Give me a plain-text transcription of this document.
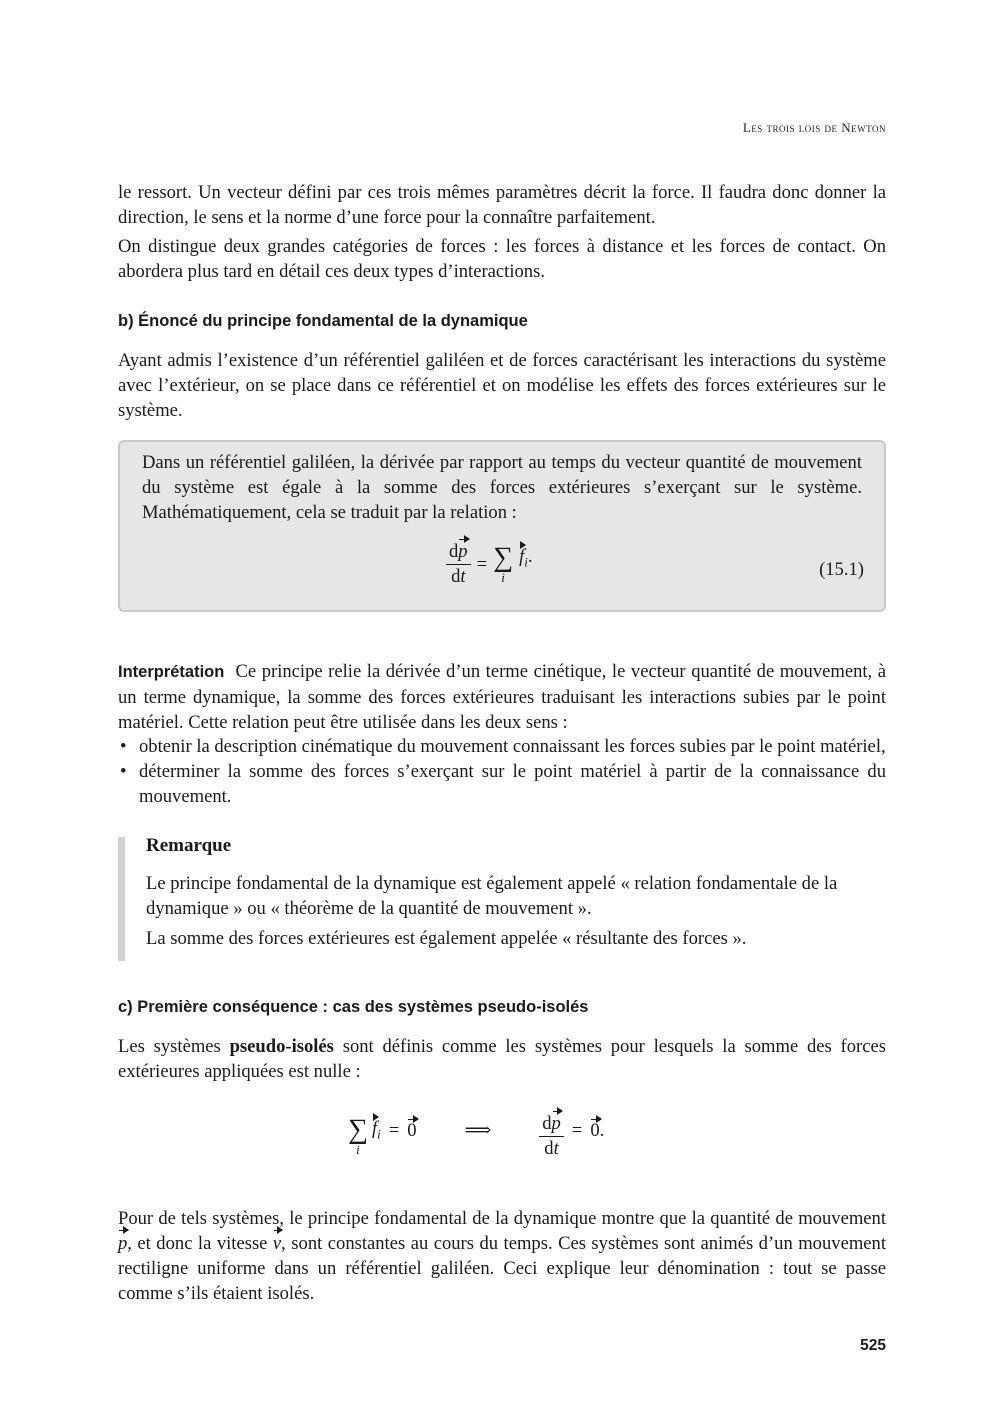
Les trois lois de Newton

le ressort. Un vecteur défini par ces trois mêmes paramètres décrit la force. Il faudra donc donner la direction, le sens et la norme d’une force pour la connaître parfaitement.

On distingue deux grandes catégories de forces : les forces à distance et les forces de contact. On abordera plus tard en détail ces deux types d’interactions.

b) Énoncé du principe fondamental de la dynamique

Ayant admis l’existence d’un référentiel galiléen et de forces caractérisant les interactions du système avec l’extérieur, on se place dans ce référentiel et on modélise les effets des forces extérieures sur le système.

Dans un référentiel galiléen, la dérivée par rapport au temps du vecteur quantité de mouvement du système est égale à la somme des forces extérieures s’exerçant sur le système. Mathématiquement, cela se traduit par la relation :

$\frac{dp}{dt}$ = ∑
i
$f_i$.
(15.1)

Interprétation Ce principe relie la dérivée d’un terme cinétique, le vecteur quantité de mouvement, à un terme dynamique, la somme des forces extérieures traduisant les interactions subies par le point matériel. Cette relation peut être utilisée dans les deux sens :

• obtenir la description cinématique du mouvement connaissant les forces subies par le point matériel,
• déterminer la somme des forces s’exerçant sur le point matériel à partir de la connaissance du mouvement.

Remarque

Le principe fondamental de la dynamique est également appelé « relation fondamentale de la dynamique » ou « théorème de la quantité de mouvement ».

La somme des forces extérieures est également appelée « résultante des forces ».

c) Première conséquence : cas des systèmes pseudo-isolés

Les systèmes pseudo-isolés sont définis comme les systèmes pour lesquels la somme des forces extérieures appliquées est nulle :

∑
i
$f_i = 0$	⟹	$\frac{dp}{dt} = 0$.

Pour de tels systèmes, le principe fondamental de la dynamique montre que la quantité de mouvement p, et donc la vitesse v, sont constantes au cours du temps. Ces systèmes sont animés d’un mouvement rectiligne uniforme dans un référentiel galiléen. Ceci explique leur dénomination : tout se passe comme s’ils étaient isolés.

525
